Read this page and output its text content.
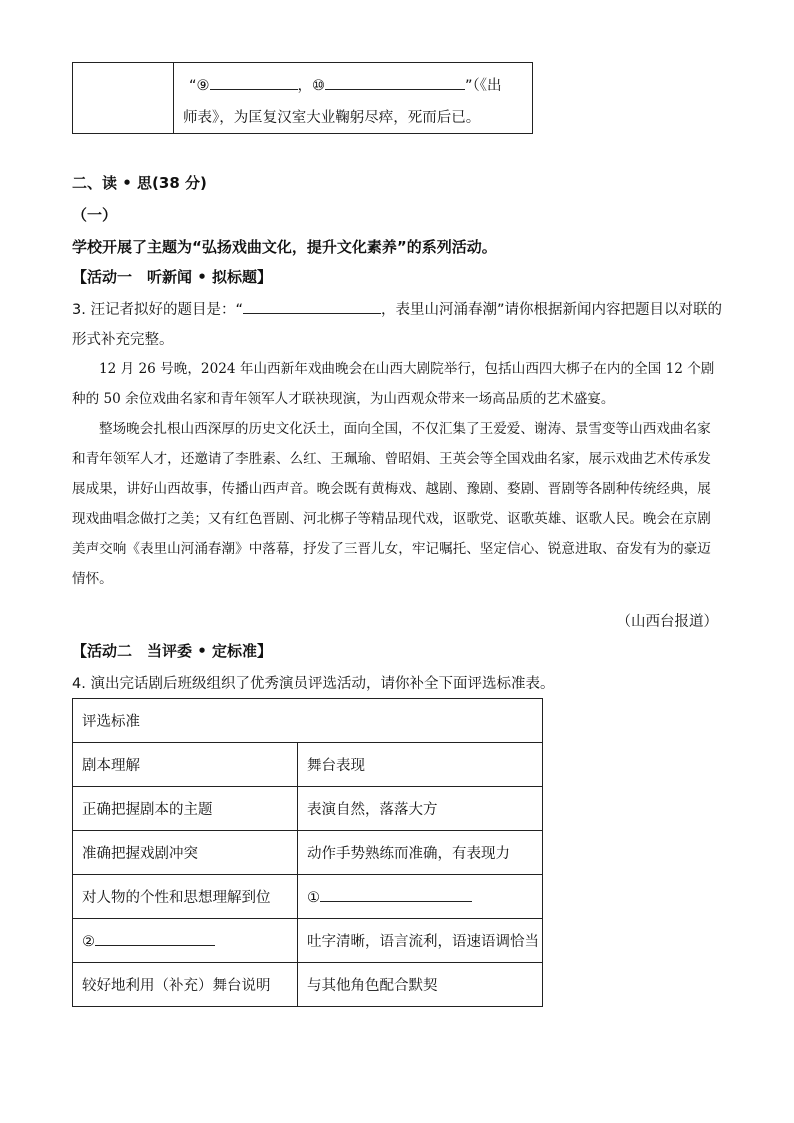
“⑨	，⑩	”（《出
师表》，为匡复汉室大业鞠躬尽瘁，死而后已。
二、读 • 思(38 分)
（一）
学校开展了主题为“弘扬戏曲文化，提升文化素养”的系列活动。
【活动一　听新闻 • 拟标题】
3. 汪记者拟好的题目是：“	，表里山河涌春潮”请你根据新闻内容把题目以对联的
形式补充完整。

12 月 26 号晚，2024 年山西新年戏曲晚会在山西大剧院举行，包括山西四大梆子在内的全国 12 个剧种的 50 余位戏曲名家和青年领军人才联袂现演，为山西观众带来一场高品质的艺术盛宴。

整场晚会扎根山西深厚的历史文化沃土，面向全国，不仅汇集了王爱爱、谢涛、景雪变等山西戏曲名家和青年领军人才，还邀请了李胜素、么红、王珮瑜、曾昭娟、王英会等全国戏曲名家，展示戏曲艺术传承发展成果，讲好山西故事，传播山西声音。晚会既有黄梅戏、越剧、豫剧、婺剧、晋剧等各剧种传统经典，展现戏曲唱念做打之美；又有红色晋剧、河北梆子等精品现代戏，讴歌党、讴歌英雄、讴歌人民。晚会在京剧美声交响《表里山河涌春潮》中落幕，抒发了三晋儿女，牢记嘱托、坚定信心、锐意进取、奋发有为的豪迈情怀。

（山西台报道）
【活动二　当评委 • 定标准】
4. 演出完话剧后班级组织了优秀演员评选活动，请你补全下面评选标准表。
评选标准	
剧本理解	舞台表现
正确把握剧本的主题	表演自然，落落大方
准确把握戏剧冲突	动作手势熟练而准确，有表现力
对人物的个性和思想理解到位	①
②	吐字清晰，语言流利，语速语调恰当
较好地利用（补充）舞台说明	与其他角色配合默契
